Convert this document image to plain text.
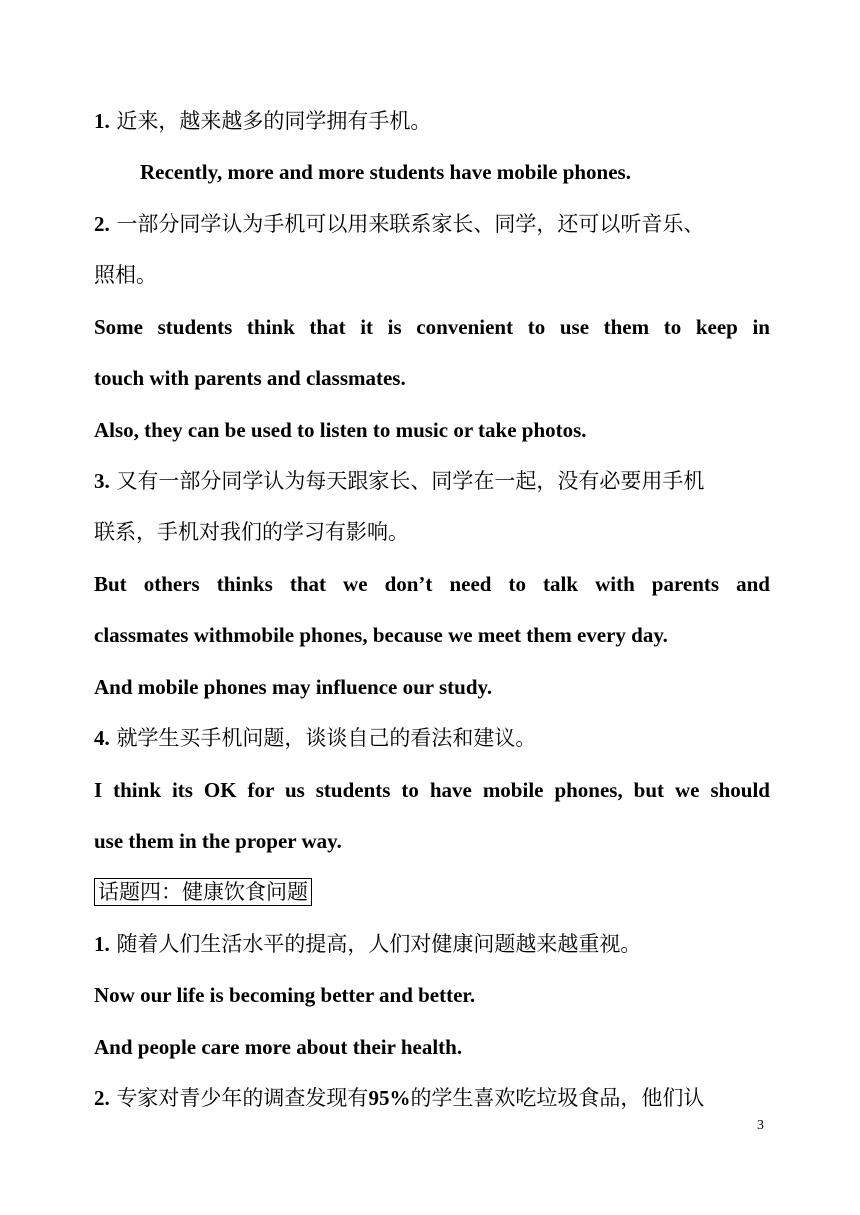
1. 近来，越来越多的同学拥有手机。
Recently, more and more students have mobile phones.
2. 一部分同学认为手机可以用来联系家长、同学，还可以听音乐、
照相。
Some students think that it is convenient to use them to keep in
touch with parents and classmates.
Also, they can be used to listen to music or take photos.
3. 又有一部分同学认为每天跟家长、同学在一起，没有必要用手机
联系，手机对我们的学习有影响。
But others thinks that we don’t need to talk with parents and
classmates withmobile phones, because we meet them every day.
And mobile phones may influence our study.
4. 就学生买手机问题，谈谈自己的看法和建议。
I think its OK for us students to have mobile phones, but we should
use them in the proper way.
话题四：健康饮食问题
1. 随着人们生活水平的提高，人们对健康问题越来越重视。
Now our life is becoming better and better.
And people care more about their health.
2. 专家对青少年的调查发现有95%的学生喜欢吃垃圾食品，他们认
3
